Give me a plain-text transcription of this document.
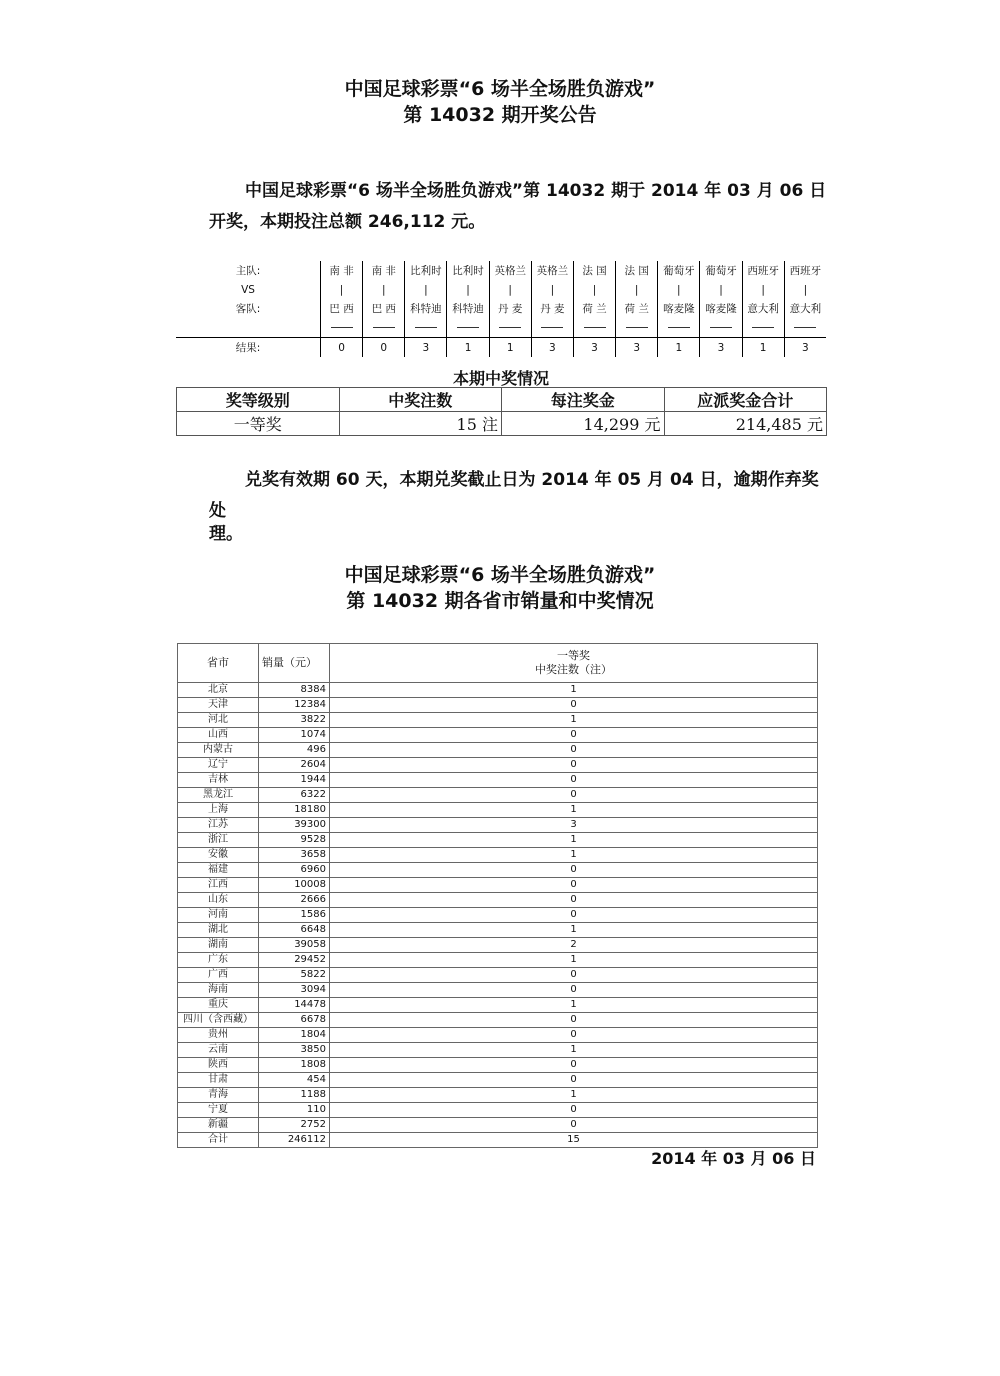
中国足球彩票“6 场半全场胜负游戏”
第 14032 期开奖公告
中国足球彩票“6 场半全场胜负游戏”第 14032 期于 2014 年 03 月 06 日
开奖，本期投注总额 246,112 元。
主队:	南 非	南 非	比利时	比利时	英格兰	英格兰	法 国	法 国	葡萄牙	葡萄牙	西班牙	西班牙
VS	|	|	|	|	|	|	|	|	|	|	|	|
客队:	巴 西	巴 西	科特迪	科特迪	丹 麦	丹 麦	荷 兰	荷 兰	喀麦隆	喀麦隆	意大利	意大利

结果:	0	0	3	1	1	3	3	3	1	3	1	3
本期中奖情况
奖等级别	中奖注数	每注奖金	应派奖金合计
一等奖	15 注	14,299 元	214,485 元
兑奖有效期 60 天，本期兑奖截止日为 2014 年 05 月 04 日，逾期作弃奖处
理。
中国足球彩票“6 场半全场胜负游戏”
第 14032 期各省市销量和中奖情况
省市	销量（元）	一等奖
中奖注数（注）

北京	8384	1
天津	12384	0
河北	3822	1
山西	1074	0
内蒙古	496	0
辽宁	2604	0
吉林	1944	0
黑龙江	6322	0
上海	18180	1
江苏	39300	3
浙江	9528	1
安徽	3658	1
福建	6960	0
江西	10008	0
山东	2666	0
河南	1586	0
湖北	6648	1
湖南	39058	2
广东	29452	1
广西	5822	0
海南	3094	0
重庆	14478	1
四川（含西藏）	6678	0
贵州	1804	0
云南	3850	1
陕西	1808	0
甘肃	454	0
青海	1188	1
宁夏	110	0
新疆	2752	0
合计	246112	15
2014 年 03 月 06 日
